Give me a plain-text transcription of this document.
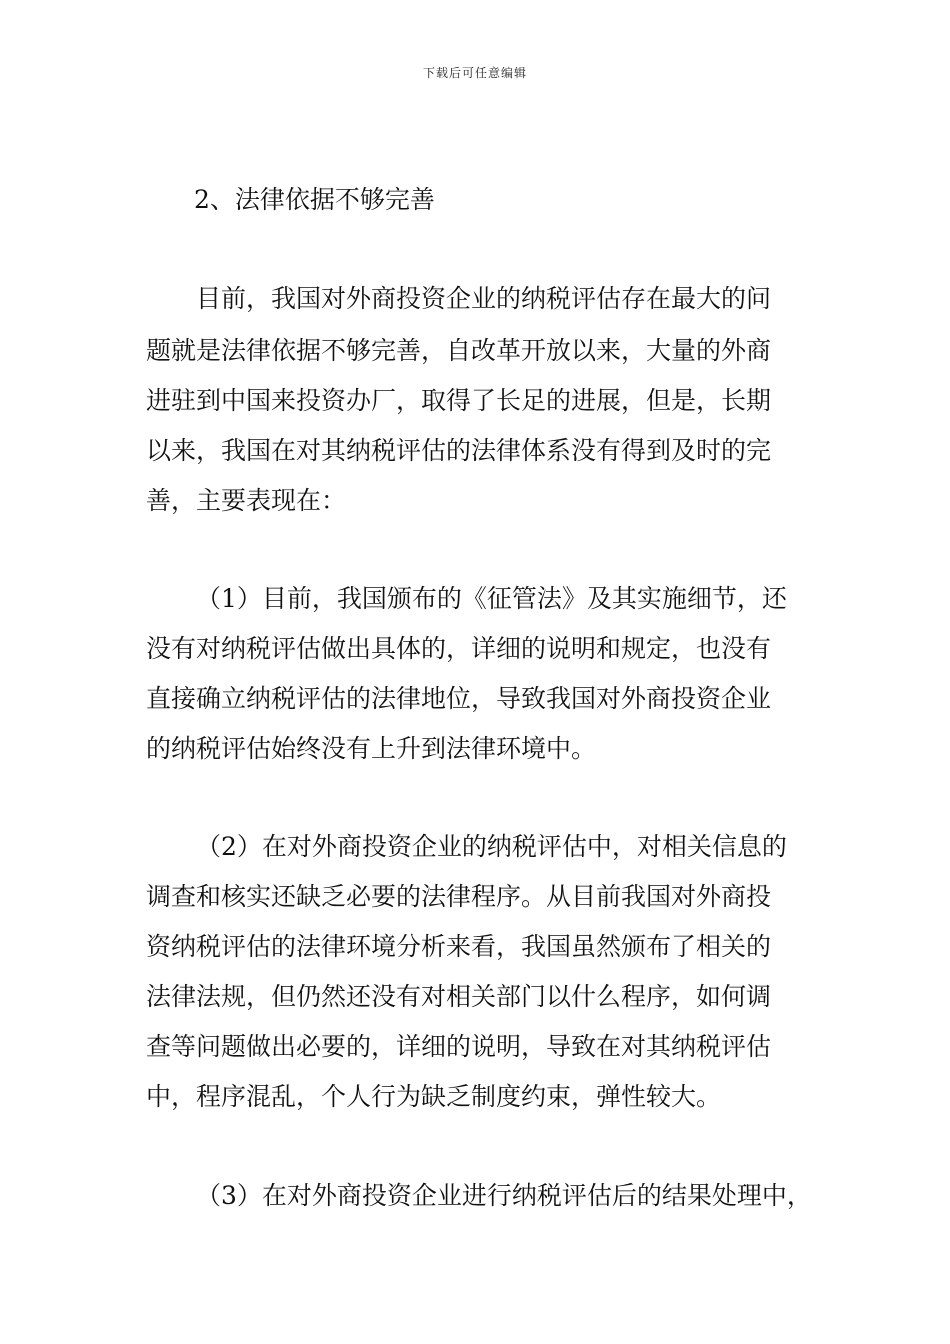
下载后可任意编辑
2、法律依据不够完善
目前，我国对外商投资企业的纳税评估存在最大的问
题就是法律依据不够完善，自改革开放以来，大量的外商
进驻到中国来投资办厂，取得了长足的进展，但是，长期
以来，我国在对其纳税评估的法律体系没有得到及时的完
善，主要表现在：
（1）目前，我国颁布的《征管法》及其实施细节，还
没有对纳税评估做出具体的，详细的说明和规定，也没有
直接确立纳税评估的法律地位，导致我国对外商投资企业
的纳税评估始终没有上升到法律环境中。
（2）在对外商投资企业的纳税评估中，对相关信息的
调查和核实还缺乏必要的法律程序。从目前我国对外商投
资纳税评估的法律环境分析来看，我国虽然颁布了相关的
法律法规，但仍然还没有对相关部门以什么程序，如何调
查等问题做出必要的，详细的说明，导致在对其纳税评估
中，程序混乱，个人行为缺乏制度约束，弹性较大。
（3）在对外商投资企业进行纳税评估后的结果处理中，
